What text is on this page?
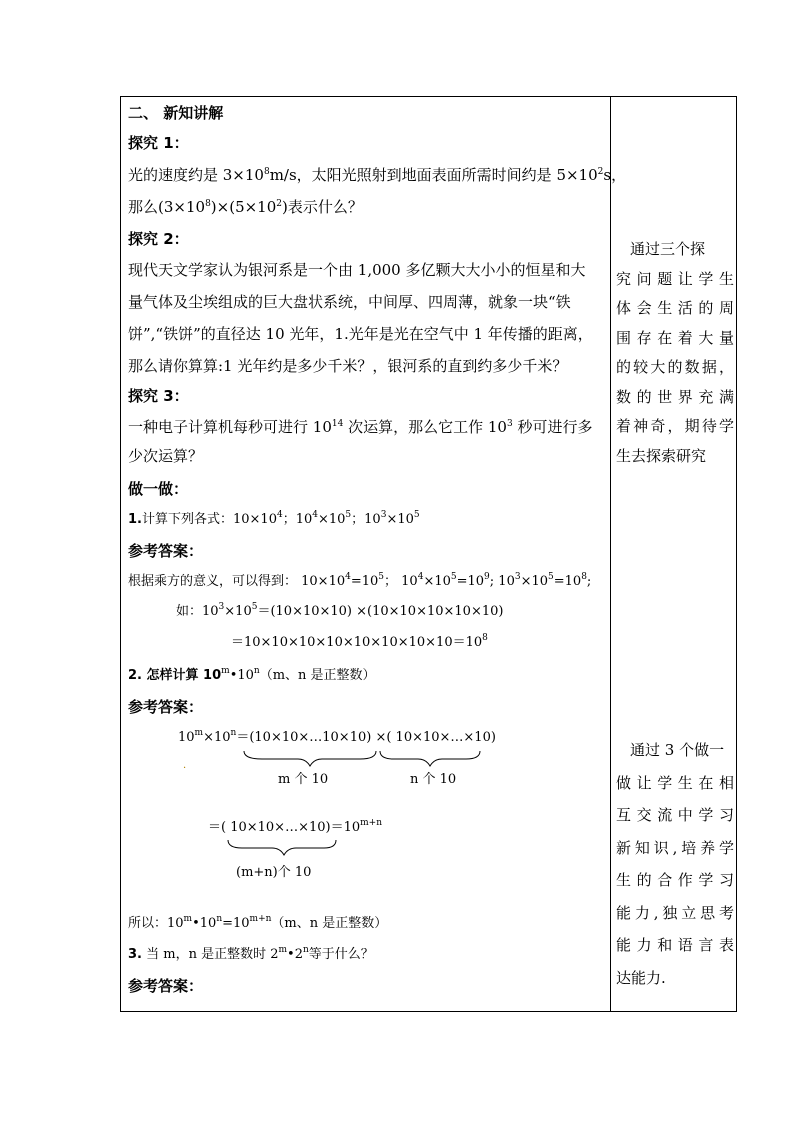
二、 新知讲解
探究 1：
光的速度约是 $3\times 10^8m/s$，太阳光照射到地面表面所需时间约是 $5\times 10^2s$，
那么$(3\times 10^8)\times(5\times 10^2)$表示什么？
探究 2：
现代天文学家认为银河系是一个由 1,000 多亿颗大大小小的恒星和大
量气体及尘埃组成的巨大盘状系统，中间厚、四周薄，就象一块“铁
饼”,“铁饼”的直径达 10 光年，1.光年是光在空气中 1 年传播的距离，
那么请你算算:1 光年约是多少千米？，银河系的直到约多少千米？
探究 3：
一种电子计算机每秒可进行 $10^{14}$ 次运算，那么它工作 $10^3$ 秒可进行多
少次运算？
做一做：
1.计算下列各式：$10\times 10^4$；$10^4\times 10^5$；$10^3\times 10^5$
参考答案：
根据乘方的意义，可以得到： $10\times 10^4=10^5$； $10^4\times 10^5=10^9$; $10^3\times 10^5=10^8$;
如：$10^3\times 10^5=(10\times 10\times 10) \times(10\times 10\times 10\times 10\times 10)$
$=10\times 10\times 10\times 10\times 10\times 10\times 10\times 10=10^8$
2. 怎样计算 10$^m$•10$^n$（m、n 是正整数）
参考答案：
$10^m\times 10^n=(10\times 10\times\dots 10\times 10)$ ×( 10×10×…×10)
m 个 10	n 个 10
·
＝( $10\times 10\times\dots\times 10)=10^{m+n}$
(m+n)个 10
所以：$10^m•10^n=10^{m+n}(m$、n 是正整数）
3. 当 m，n 是正整数时 2$^m$•2$^n$等于什么？
参考答案：
通过三个探
究问题让学生
体会生活的周
围存在着大量
的较大的数据，
数的世界充满
着神奇，期待学
生去探索研究
通过 3 个做一
做让学生在相
互交流中学习
新知识,培养学
生的合作学习
能力,独立思考
能力和语言表
达能力.
